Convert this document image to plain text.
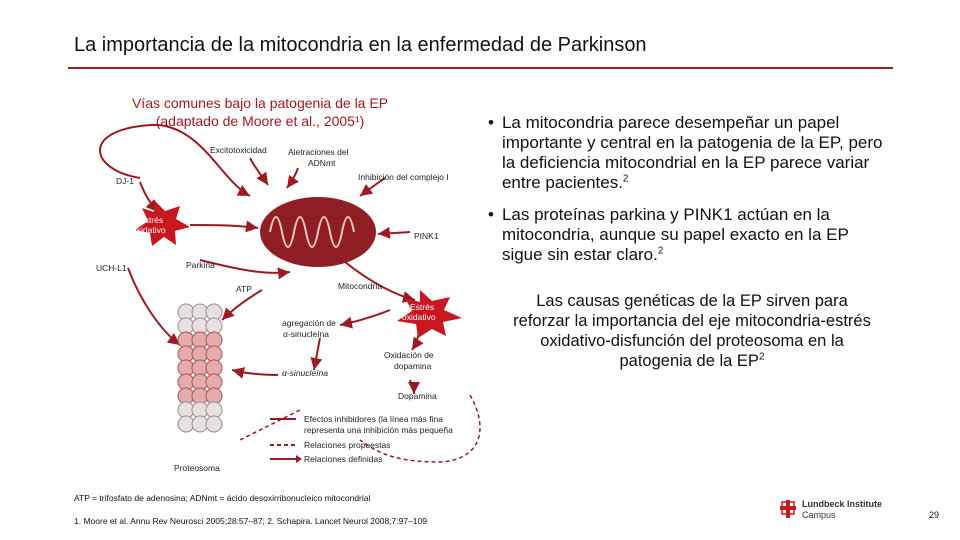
La importancia de la mitocondria en la enfermedad de Parkinson
Vías comunes bajo la patogenia de la EP
(adaptado de Moore et al., 2005¹)
Excitotoxicidad	Aletraciones del
ADNmt
Inhibición del complejo I
DJ-1
Estrés
oxidativo
PINK1
UCH-L1	Parkina
ATP	Mitocondria
Estrés
oxidativo
agregación de
α-sinucleína
Oxidación de
dopamina
α-sinucleína
Dopamina
Proteosoma
Efectos inhibidores (la línea más fina
representa una inhibición más pequeña
Relaciones propuestas
Relaciones definidas
• La mitocondria parece desempeñar un papel importante y central en la patogenia de la EP, pero la deficiencia mitocondrial en la EP parece variar entre pacientes.$^2$
• Las proteínas parkina y PINK1 actúan en la mitocondria, aunque su papel exacto en la EP sigue sin estar claro.$^2$
Las causas genéticas de la EP sirven para reforzar la importancia del eje mitocondria-estrés oxidativo-disfunción del proteosoma en la patogenia de la $EP^2$
ATP = trifosfato de adenosina; ADNmt = ácido desoxirribonucleico mitocondrial
1. Moore et al. Annu Rev Neurosci 2005;28:57–87; 2. Schapira. Lancet Neurol 2008;7:97–109
Lundbeck Institute
Campus	29
